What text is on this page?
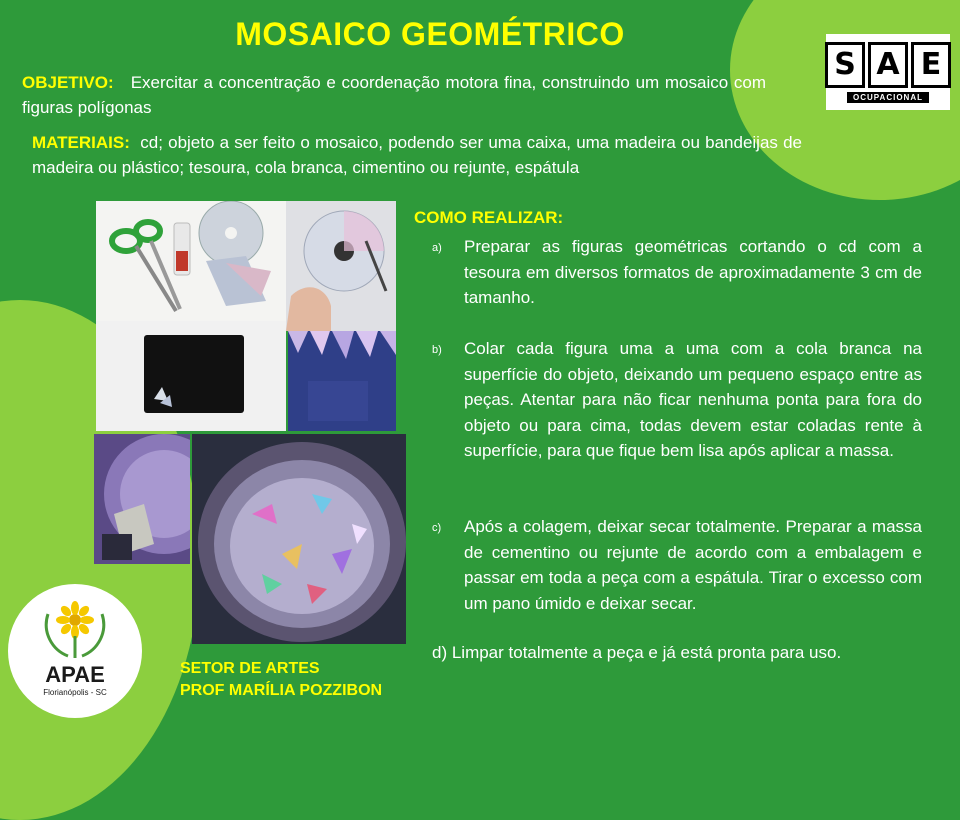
MOSAICO GEOMÉTRICO
OBJETIVO: Exercitar a concentração e coordenação motora fina, construindo um mosaico com figuras polígonas
MATERIAIS: cd; objeto a ser feito o mosaico, podendo ser uma caixa, uma madeira ou bandeijas de madeira ou plástico; tesoura, cola branca, cimentino ou rejunte, espátula
S A E
OCUPACIONAL
COMO REALIZAR:
a) Preparar as figuras geométricas cortando o cd com a tesoura em diversos formatos de aproximadamente 3 cm de tamanho.
b) Colar cada figura uma a uma com a cola branca na superfície do objeto, deixando um pequeno espaço entre as peças. Atentar para não ficar nenhuma ponta para fora do objeto ou para cima, todas devem estar coladas rente à superfície, para que fique bem lisa após aplicar a massa.
c) Após a colagem, deixar secar totalmente. Preparar a massa de cementino ou rejunte de acordo com a embalagem e passar em toda a peça com a espátula. Tirar o excesso com um pano úmido e deixar secar.
d) Limpar totalmente a peça e já está pronta para uso.
APAE
Florianópolis - SC
SETOR DE ARTES
PROF MARÍLIA POZZIBON
